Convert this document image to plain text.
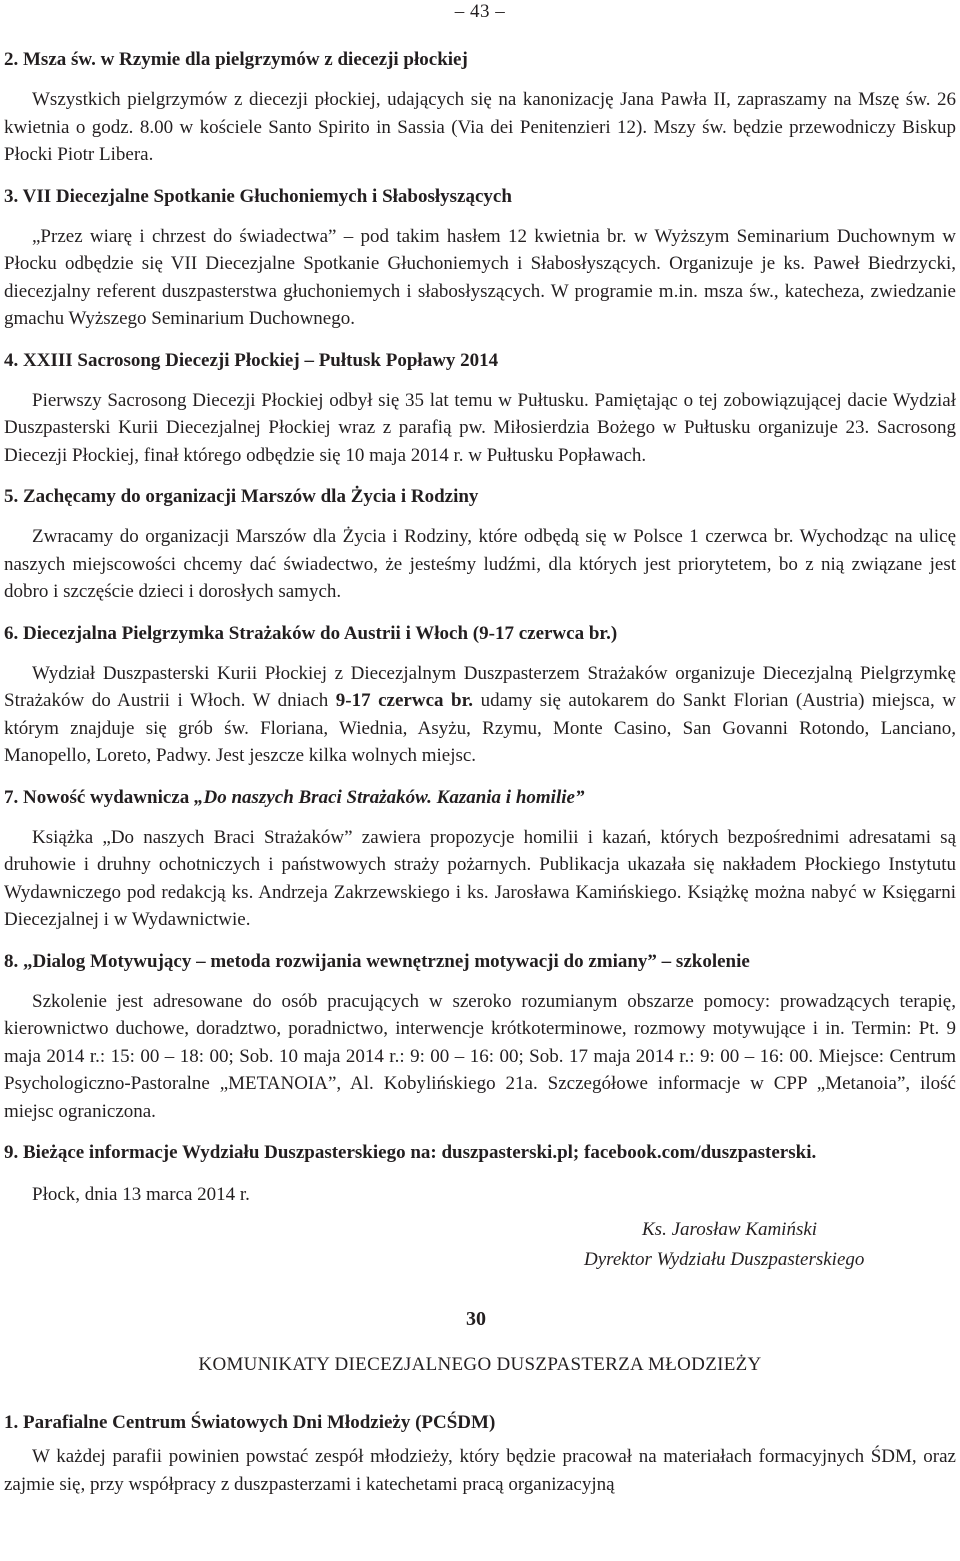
– 43 –
2. Msza św. w Rzymie dla pielgrzymów z diecezji płockiej

Wszystkich pielgrzymów z diecezji płockiej, udających się na kanonizację Jana Pawła II, zapraszamy na Mszę św. 26 kwietnia o godz. 8.00 w kościele Santo Spirito in Sassia (Via dei Penitenzieri 12). Mszy św. będzie przewodniczy Biskup Płocki Piotr Libera.

3. VII Diecezjalne Spotkanie Głuchoniemych i Słabosłyszących

„Przez wiarę i chrzest do świadectwa” – pod takim hasłem 12 kwietnia br. w Wyższym Seminarium Duchownym w Płocku odbędzie się VII Diecezjalne Spotkanie Głuchoniemych i Słabosłyszących. Organizuje je ks. Paweł Biedrzycki, diecezjalny referent duszpasterstwa głuchoniemych i słabosłyszących. W programie m.in. msza św., katecheza, zwiedzanie gmachu Wyższego Seminarium Duchownego.

4. XXIII Sacrosong Diecezji Płockiej – Pułtusk Popławy 2014

Pierwszy Sacrosong Diecezji Płockiej odbył się 35 lat temu w Pułtusku. Pamiętając o tej zobowiązującej dacie Wydział Duszpasterski Kurii Diecezjalnej Płockiej wraz z parafią pw. Miłosierdzia Bożego w Pułtusku organizuje 23. Sacrosong Diecezji Płockiej, finał którego odbędzie się 10 maja 2014 r. w Pułtusku Popławach.

5. Zachęcamy do organizacji Marszów dla Życia i Rodziny

Zwracamy do organizacji Marszów dla Życia i Rodziny, które odbędą się w Polsce 1 czerwca br. Wychodząc na ulicę naszych miejscowości chcemy dać świadectwo, że jesteśmy ludźmi, dla których jest priorytetem, bo z nią związane jest dobro i szczęście dzieci i dorosłych samych.

6. Diecezjalna Pielgrzymka Strażaków do Austrii i Włoch (9-17 czerwca br.)

Wydział Duszpasterski Kurii Płockiej z Diecezjalnym Duszpasterzem Strażaków organizuje Diecezjalną Pielgrzymkę Strażaków do Austrii i Włoch. W dniach 9-17 czerwca br. udamy się autokarem do Sankt Florian (Austria) miejsca, w którym znajduje się grób św. Floriana, Wiednia, Asyżu, Rzymu, Monte Casino, San Govanni Rotondo, Lanciano, Manopello, Loreto, Padwy. Jest jeszcze kilka wolnych miejsc.

7. Nowość wydawnicza „Do naszych Braci Strażaków. Kazania i homilie”

Książka „Do naszych Braci Strażaków” zawiera propozycje homilii i kazań, których bezpośrednimi adresatami są druhowie i druhny ochotniczych i państwowych straży pożarnych. Publikacja ukazała się nakładem Płockiego Instytutu Wydawniczego pod redakcją ks. Andrzeja Zakrzewskiego i ks. Jarosława Kamińskiego. Książkę można nabyć w Księgarni Diecezjalnej i w Wydawnictwie.

8. „Dialog Motywujący – metoda rozwijania wewnętrznej motywacji do zmiany” – szkolenie

Szkolenie jest adresowane do osób pracujących w szeroko rozumianym obszarze pomocy: prowadzących terapię, kierownictwo duchowe, doradztwo, poradnictwo, interwencje krótkoterminowe, rozmowy motywujące i in. Termin: Pt. 9 maja 2014 r.: 15: 00 – 18: 00; Sob. 10 maja 2014 r.: 9: 00 – 16: 00; Sob. 17 maja 2014 r.: 9: 00 – 16: 00. Miejsce: Centrum Psychologiczno-Pastoralne „METANOIA”, Al. Kobylińskiego 21a. Szczegółowe informacje w CPP „Metanoia”, ilość miejsc ograniczona.

9. Bieżące informacje Wydziału Duszpasterskiego na: duszpasterski.pl; facebook.com/duszpasterski.
Płock, dnia 13 marca 2014 r.
Ks. Jarosław Kamiński
Dyrektor Wydziału Duszpasterskiego
30
KOMUNIKATY DIECEZJALNEGO DUSZPASTERZA MŁODZIEŻY
1. Parafialne Centrum Światowych Dni Młodzieży (PCŚDM)

W każdej parafii powinien powstać zespół młodzieży, który będzie pracował na materiałach formacyjnych ŚDM, oraz zajmie się, przy współpracy z duszpasterzami i katechetami pracą organizacyjną
